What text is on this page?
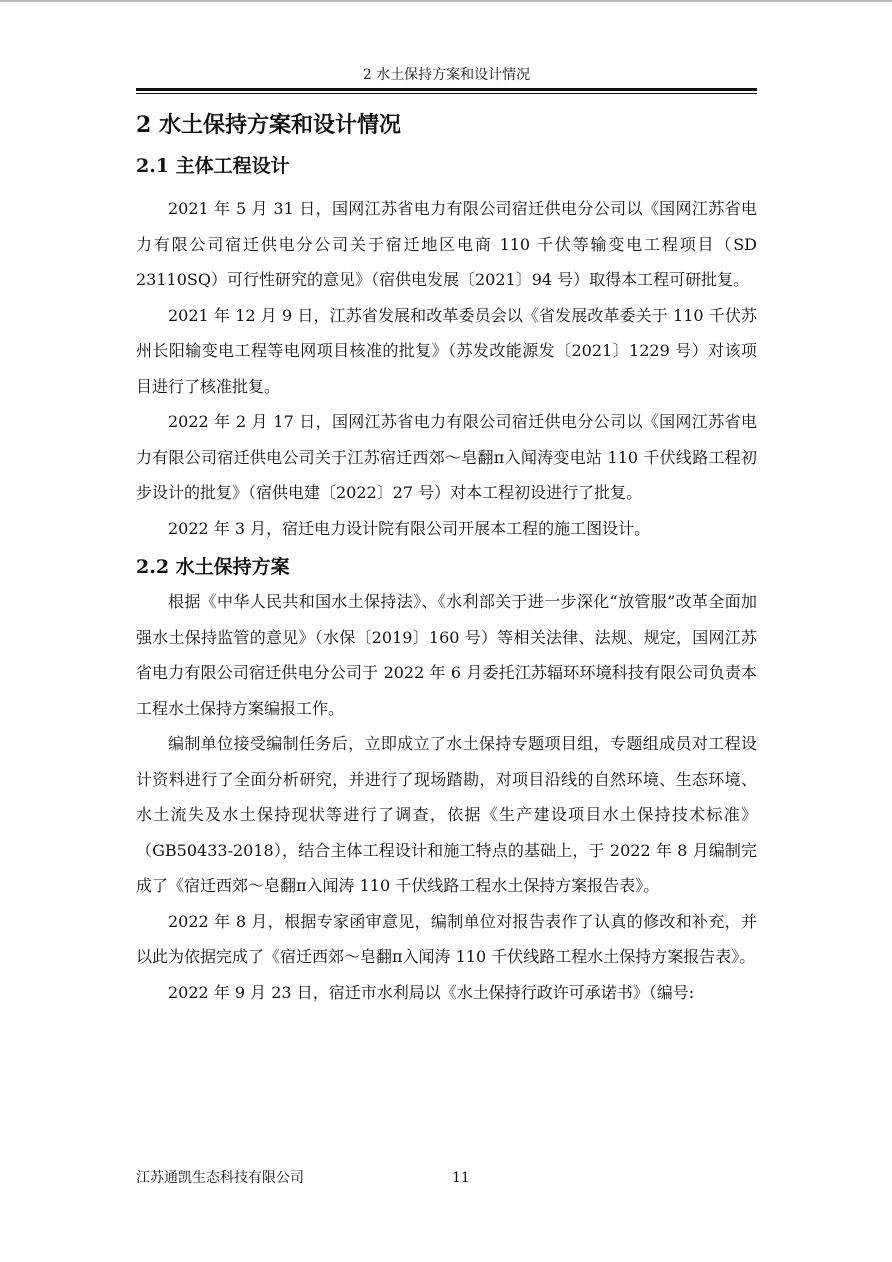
2 水土保持方案和设计情况
2 水土保持方案和设计情况
2.1 主体工程设计

2021 年 5 月 31 日，国网江苏省电力有限公司宿迁供电分公司以《国网江苏省电力有限公司宿迁供电分公司关于宿迁地区电商 110 千伏等输变电工程项目（SD 23110SQ）可行性研究的意见》（宿供电发展〔2021〕94 号）取得本工程可研批复。

2021 年 12 月 9 日，江苏省发展和改革委员会以《省发展改革委关于 110 千伏苏州长阳输变电工程等电网项目核准的批复》（苏发改能源发〔2021〕1229 号）对该项目进行了核准批复。

2022 年 2 月 17 日，国网江苏省电力有限公司宿迁供电分公司以《国网江苏省电力有限公司宿迁供电公司关于江苏宿迁西郊～皂翻π入闻涛变电站 110 千伏线路工程初步设计的批复》（宿供电建〔2022〕27 号）对本工程初设进行了批复。

2022 年 3 月，宿迁电力设计院有限公司开展本工程的施工图设计。

2.2 水土保持方案

根据《中华人民共和国水土保持法》、《水利部关于进一步深化“放管服”改革全面加强水土保持监管的意见》（水保〔2019〕160 号）等相关法律、法规、规定，国网江苏省电力有限公司宿迁供电分公司于 2022 年 6 月委托江苏辐环环境科技有限公司负责本工程水土保持方案编报工作。

编制单位接受编制任务后，立即成立了水土保持专题项目组，专题组成员对工程设计资料进行了全面分析研究，并进行了现场踏勘，对项目沿线的自然环境、生态环境、水土流失及水土保持现状等进行了调查，依据《生产建设项目水土保持技术标准》（GB50433-2018），结合主体工程设计和施工特点的基础上，于 2022 年 8 月编制完成了《宿迁西郊～皂翻π入闻涛 110 千伏线路工程水土保持方案报告表》。

2022 年 8 月，根据专家函审意见，编制单位对报告表作了认真的修改和补充，并以此为依据完成了《宿迁西郊～皂翻π入闻涛 110 千伏线路工程水土保持方案报告表》。

2022 年 9 月 23 日，宿迁市水利局以《水土保持行政许可承诺书》（编号:

江苏通凯生态科技有限公司	11
